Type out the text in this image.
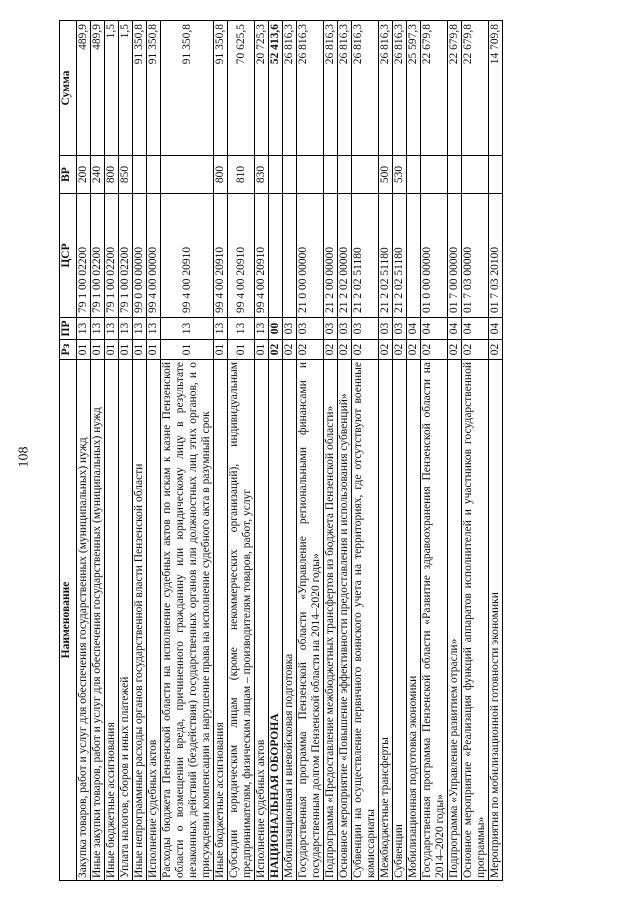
108
Наименование	Рз	ПР	ЦСР	ВР	Сумма
Закупка товаров, работ и услуг для обеспечения государственных (муниципальных) нужд	01	13	79 1 00 02200	200	489,9
Иные закупки товаров, работ и услуг для обеспечения государственных (муниципальных) нужд	01	13	79 1 00 02200	240	489,9
Иные бюджетные ассигнования	01	13	79 1 00 02200	800	1,5
Уплата налогов, сборов и иных платежей	01	13	79 1 00 02200	850	1,5
Иные непрограммные расходы органов государственной власти Пензенской области	01	13	99 0 00 00000		91 350,8
Исполнение судебных актов	01	13	99 4 00 00000		91 350,8
Расходы бюджета Пензенской области на исполнение судебных актов по искам к казне Пензенской области о возмещении вреда, причиненного гражданину или юридическому лицу в результате незаконных действий (бездействия) государственных органов или должностных лиц этих органов, и о присуждении компенсации за нарушение права на исполнение судебного акта в разумный срок	01	13	99 4 00 20910		91 350,8
Иные бюджетные ассигнования	01	13	99 4 00 20910	800	91 350,8
Субсидии юридическим лицам (кроме некоммерческих организаций), индивидуальным предпринимателям, физическим лицам – производителям товаров, работ, услуг	01	13	99 4 00 20910	810	70 625,5
Исполнение судебных актов	01	13	99 4 00 20910	830	20 725,3
НАЦИОНАЛЬНАЯ ОБОРОНА	02	00			52 413,6
Мобилизационная и вневойсковая подготовка	02	03			26 816,3
Государственная программа Пензенской области «Управление региональными финансами и государственным долгом Пензенской области на 2014–2020 годы»	02	03	21 0 00 00000		26 816,3
Подпрограмма «Предоставление межбюджетных трансфертов из бюджета Пензенской области»	02	03	21 2 00 00000		26 816,3
Основное мероприятие «Повышение эффективности предоставления и использования субвенций»	02	03	21 2 02 00000		26 816,3
Субвенции на осуществление первичного воинского учета на территориях, где отсутствуют военные комиссариаты	02	03	21 2 02 51180		26 816,3
Межбюджетные трансферты	02	03	21 2 02 51180	500	26 816,3
Субвенции	02	03	21 2 02 51180	530	26 816,3
Мобилизационная подготовка экономики	02	04			25 597,3
Государственная программа Пензенской области «Развитие здравоохранения Пензенской области на 2014–2020 годы»	02	04	01 0 00 00000		22 679,8
Подпрограмма «Управление развитием отрасли»	02	04	01 7 00 00000		22 679,8
Основное мероприятие «Реализация функций аппаратов исполнителей и участников государственной программы»	02	04	01 7 03 00000		22 679,8
Мероприятия по мобилизационной готовности экономики	02	04	01 7 03 20100		14 709,8
